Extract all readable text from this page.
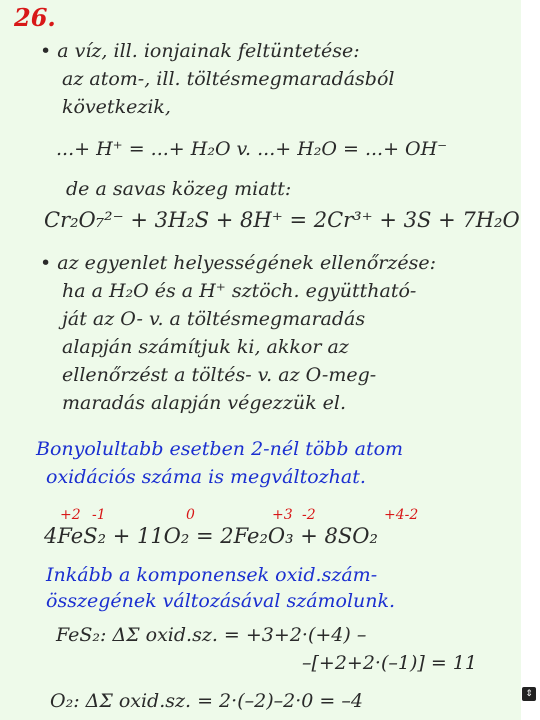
26.
• a víz, ill. ionjainak feltüntetése:
az atom-, ill. töltésmegmaradásból
következik,
...+ H⁺ = ...+ H₂O v. ...+ H₂O = ...+ OH⁻
de a savas közeg miatt:
Cr₂O₇²⁻ + 3H₂S + 8H⁺ = 2Cr³⁺ + 3S + 7H₂O
• az egyenlet helyességének ellenőrzése:
ha a H₂O és a H⁺ sztöch. együttható-
ját az O- v. a töltésmegmaradás
alapján számítjuk ki, akkor az
ellenőrzést a töltés- v. az O-meg-
maradás alapján végezzük el.
Bonyolultabb esetben 2-nél több atom
oxidációs száma is megváltozhat.
+2 -1	0	+3 -2	+4-2
4FeS₂ + 11O₂ = 2Fe₂O₃ + 8SO₂
Inkább a komponensek oxid.szám-
összegének változásával számolunk.
FeS₂: ΔΣ oxid.sz. = +3+2·(+4) –
–[+2+2·(–1)] = 11
O₂: ΔΣ oxid.sz. = 2·(–2)–2·0 = –4	⇕
